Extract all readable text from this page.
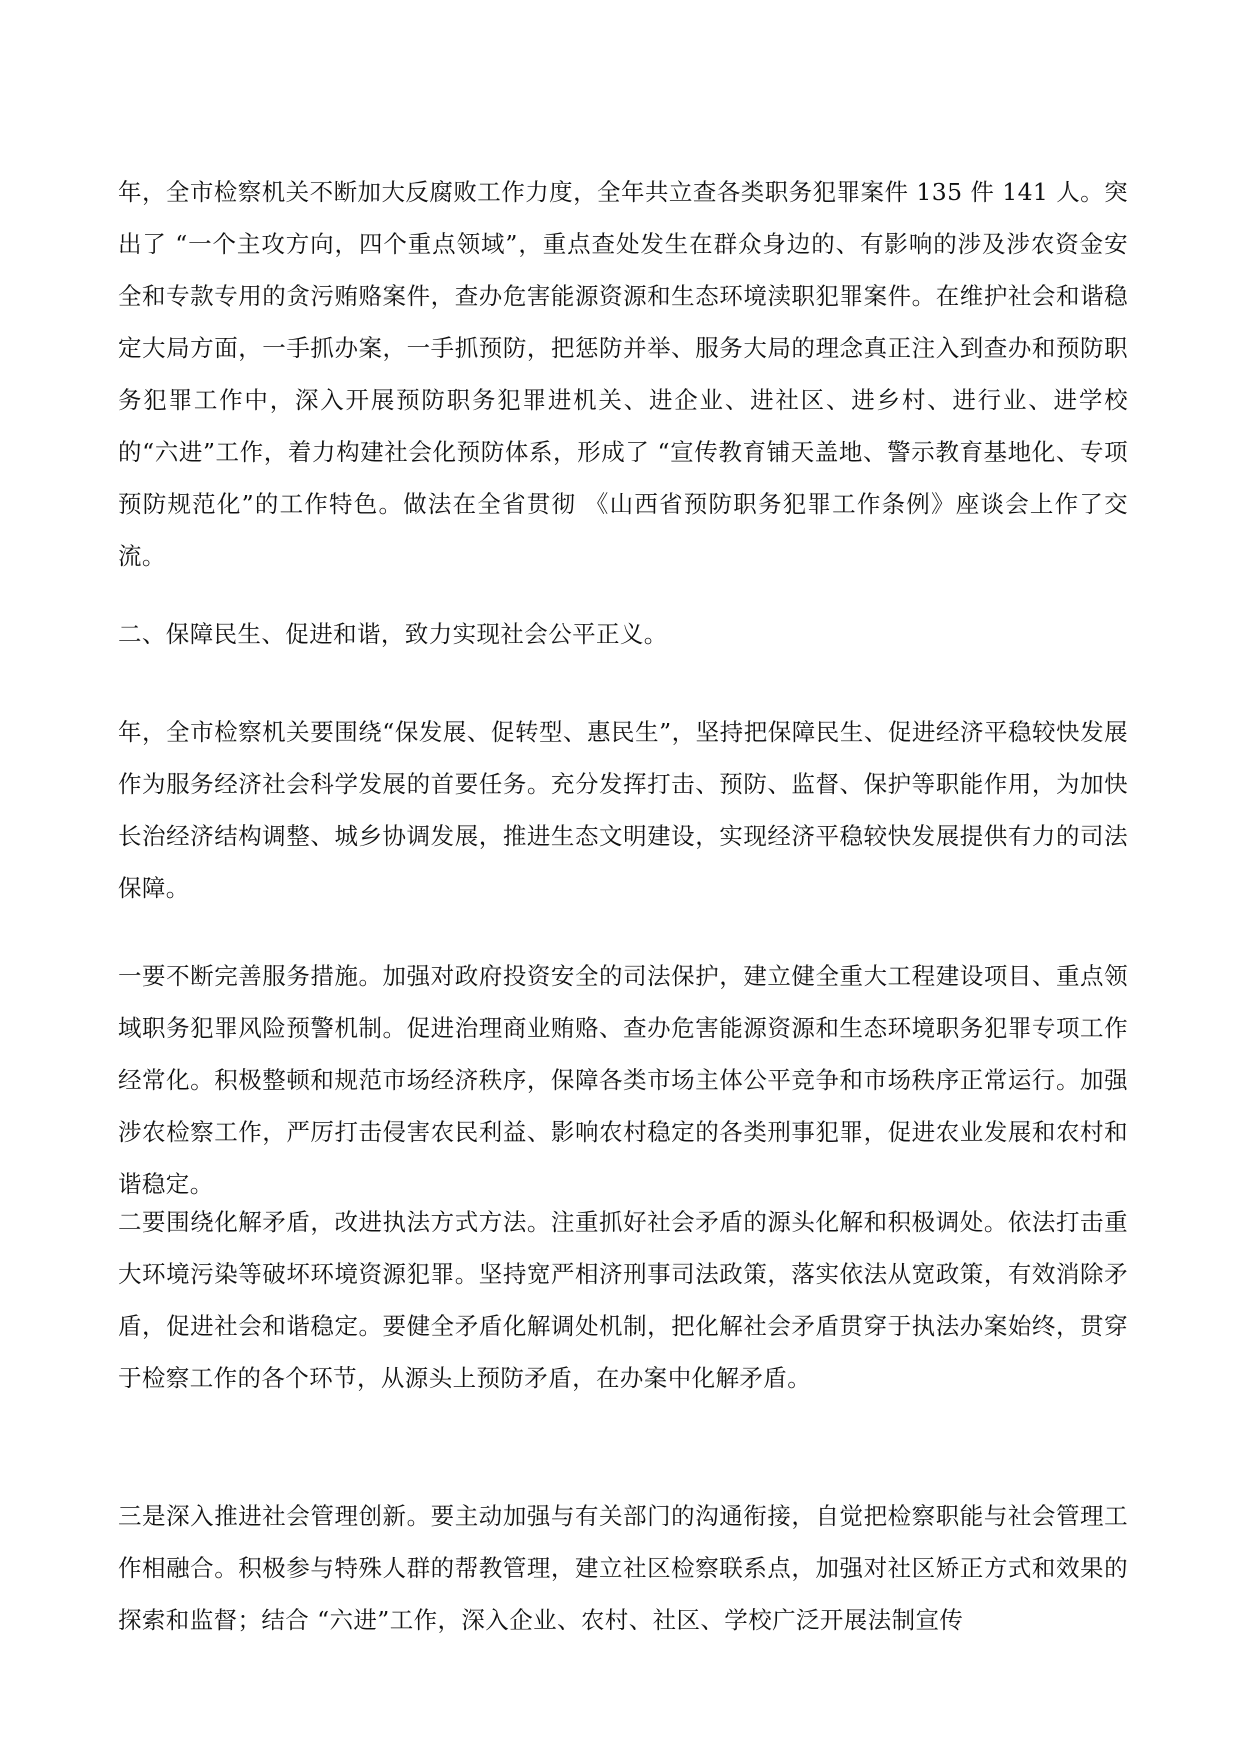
年，全市检察机关不断加大反腐败工作力度，全年共立查各类职务犯罪案件 135 件 141 人。突出了 “一个主攻方向，四个重点领域”，重点查处发生在群众身边的、有影响的涉及涉农资金安全和专款专用的贪污贿赂案件，查办危害能源资源和生态环境渎职犯罪案件。在维护社会和谐稳定大局方面，一手抓办案，一手抓预防，把惩防并举、服务大局的理念真正注入到查办和预防职务犯罪工作中，深入开展预防职务犯罪进机关、进企业、进社区、进乡村、进行业、进学校的“六进”工作，着力构建社会化预防体系，形成了 “宣传教育铺天盖地、警示教育基地化、专项预防规范化”的工作特色。做法在全省贯彻 《山西省预防职务犯罪工作条例》座谈会上作了交流。

二、保障民生、促进和谐，致力实现社会公平正义。

年，全市检察机关要围绕“保发展、促转型、惠民生”，坚持把保障民生、促进经济平稳较快发展作为服务经济社会科学发展的首要任务。充分发挥打击、预防、监督、保护等职能作用，为加快长治经济结构调整、城乡协调发展，推进生态文明建设，实现经济平稳较快发展提供有力的司法保障。

一要不断完善服务措施。加强对政府投资安全的司法保护，建立健全重大工程建设项目、重点领域职务犯罪风险预警机制。促进治理商业贿赂、查办危害能源资源和生态环境职务犯罪专项工作经常化。积极整顿和规范市场经济秩序，保障各类市场主体公平竞争和市场秩序正常运行。加强涉农检察工作，严厉打击侵害农民利益、影响农村稳定的各类刑事犯罪，促进农业发展和农村和谐稳定。

二要围绕化解矛盾，改进执法方式方法。注重抓好社会矛盾的源头化解和积极调处。依法打击重大环境污染等破坏环境资源犯罪。坚持宽严相济刑事司法政策，落实依法从宽政策，有效消除矛盾，促进社会和谐稳定。要健全矛盾化解调处机制，把化解社会矛盾贯穿于执法办案始终，贯穿于检察工作的各个环节，从源头上预防矛盾，在办案中化解矛盾。

三是深入推进社会管理创新。要主动加强与有关部门的沟通衔接，自觉把检察职能与社会管理工作相融合。积极参与特殊人群的帮教管理，建立社区检察联系点，加强对社区矫正方式和效果的探索和监督；结合 “六进”工作，深入企业、农村、社区、学校广泛开展法制宣传
